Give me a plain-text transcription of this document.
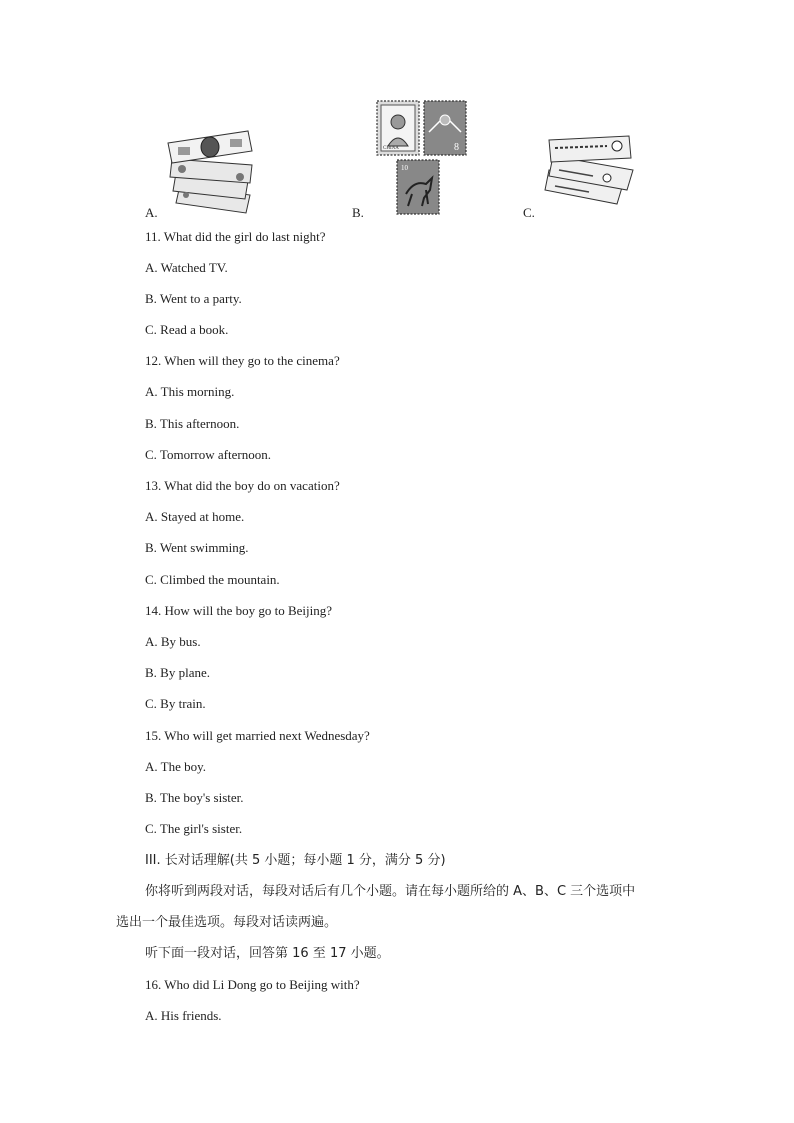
A.
CHINA	8
10
B.	C.
11. What did the girl do last night?
A. Watched TV.
B. Went to a party.
C. Read a book.
12. When will they go to the cinema?
A. This morning.
B. This afternoon.
C. Tomorrow afternoon.
13. What did the boy do on vacation?
A. Stayed at home.
B. Went swimming.
C. Climbed the mountain.
14. How will the boy go to Beijing?
A. By bus.
B. By plane.
C. By train.
15. Who will get married next Wednesday?
A. The boy.
B. The boy's sister.
C. The girl's sister.
III. 长对话理解(共 5 小题；每小题 1 分，满分 5 分)
你将听到两段对话，每段对话后有几个小题。请在每小题所给的 A、B、C 三个选项中
选出一个最佳选项。每段对话读两遍。
听下面一段对话，回答第 16 至 17 小题。
16. Who did Li Dong go to Beijing with?
A. His friends.
